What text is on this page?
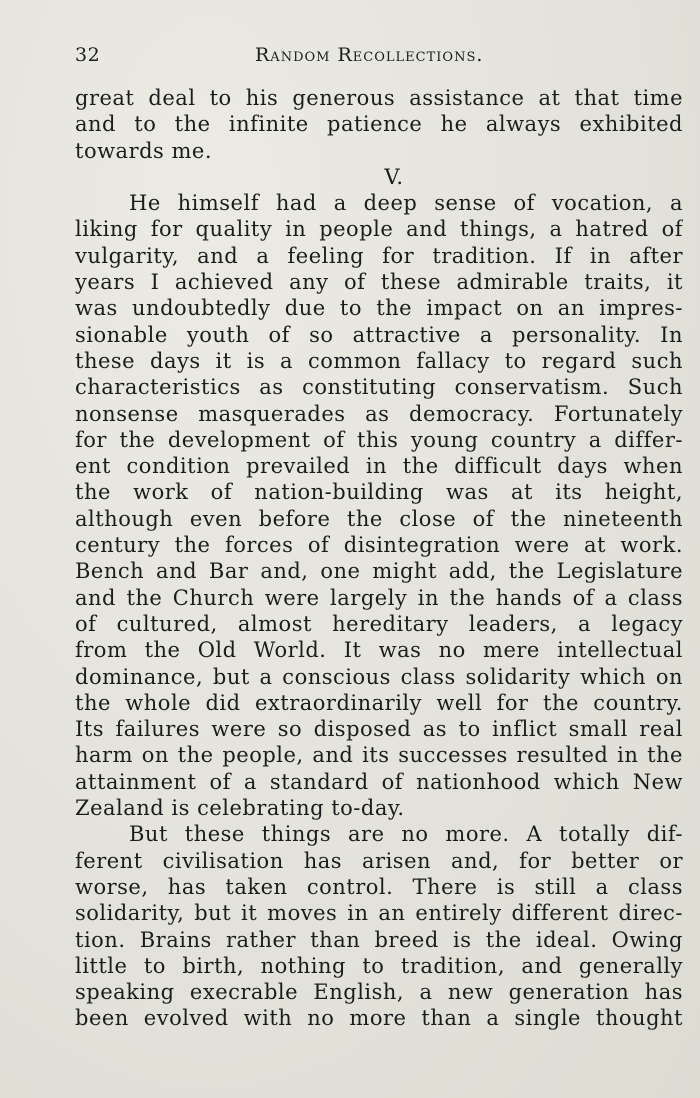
32	Random Recollections.
great deal to his generous assistance at that time
and to the infinite patience he always exhibited
towards me.
V.
He himself had a deep sense of vocation, a
liking for quality in people and things, a hatred of
vulgarity, and a feeling for tradition. If in after
years I achieved any of these admirable traits, it
was undoubtedly due to the impact on an impres-
sionable youth of so attractive a personality. In
these days it is a common fallacy to regard such
characteristics as constituting conservatism. Such
nonsense masquerades as democracy. Fortunately
for the development of this young country a differ-
ent condition prevailed in the difficult days when
the work of nation-building was at its height,
although even before the close of the nineteenth
century the forces of disintegration were at work.
Bench and Bar and, one might add, the Legislature
and the Church were largely in the hands of a class
of cultured, almost hereditary leaders, a legacy
from the Old World. It was no mere intellectual
dominance, but a conscious class solidarity which on
the whole did extraordinarily well for the country.
Its failures were so disposed as to inflict small real
harm on the people, and its successes resulted in the
attainment of a standard of nationhood which New
Zealand is celebrating to-day.
But these things are no more. A totally dif-
ferent civilisation has arisen and, for better or
worse, has taken control. There is still a class
solidarity, but it moves in an entirely different direc-
tion. Brains rather than breed is the ideal. Owing
little to birth, nothing to tradition, and generally
speaking execrable English, a new generation has
been evolved with no more than a single thought
